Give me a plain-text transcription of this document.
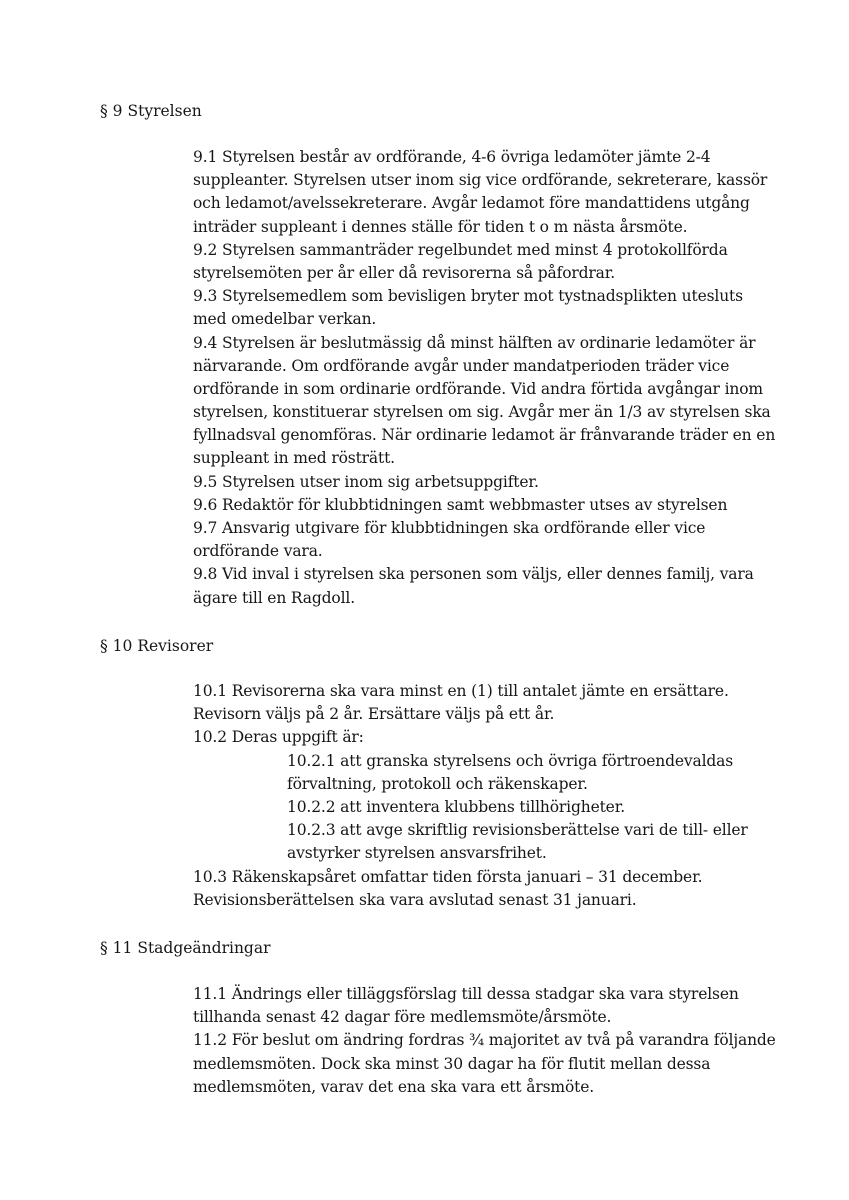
§ 9 Styrelsen
9.1 Styrelsen består av ordförande, 4-6 övriga ledamöter jämte 2-4
suppleanter. Styrelsen utser inom sig vice ordförande, sekreterare, kassör
och ledamot/avelssekreterare. Avgår ledamot före mandattidens utgång
inträder suppleant i dennes ställe för tiden t o m nästa årsmöte.
9.2 Styrelsen sammanträder regelbundet med minst 4 protokollförda
styrelsemöten per år eller då revisorerna så påfordrar.
9.3 Styrelsemedlem som bevisligen bryter mot tystnadsplikten utesluts
med omedelbar verkan.
9.4 Styrelsen är beslutmässig då minst hälften av ordinarie ledamöter är
närvarande. Om ordförande avgår under mandatperioden träder vice
ordförande in som ordinarie ordförande. Vid andra förtida avgångar inom
styrelsen, konstituerar styrelsen om sig. Avgår mer än 1/3 av styrelsen ska
fyllnadsval genomföras. När ordinarie ledamot är frånvarande träder en en
suppleant in med rösträtt.
9.5 Styrelsen utser inom sig arbetsuppgifter.
9.6 Redaktör för klubbtidningen samt webbmaster utses av styrelsen
9.7 Ansvarig utgivare för klubbtidningen ska ordförande eller vice
ordförande vara.
9.8 Vid inval i styrelsen ska personen som väljs, eller dennes familj, vara
ägare till en Ragdoll.
§ 10 Revisorer
10.1 Revisorerna ska vara minst en (1) till antalet jämte en ersättare.
Revisorn väljs på 2 år. Ersättare väljs på ett år.
10.2 Deras uppgift är:
10.2.1 att granska styrelsens och övriga förtroendevaldas
förvaltning, protokoll och räkenskaper.
10.2.2 att inventera klubbens tillhörigheter.
10.2.3 att avge skriftlig revisionsberättelse vari de till- eller
avstyrker styrelsen ansvarsfrihet.
10.3 Räkenskapsåret omfattar tiden första januari – 31 december.
Revisionsberättelsen ska vara avslutad senast 31 januari.
§ 11 Stadgeändringar
11.1 Ändrings eller tilläggsförslag till dessa stadgar ska vara styrelsen
tillhanda senast 42 dagar före medlemsmöte/årsmöte.
11.2 För beslut om ändring fordras ¾ majoritet av två på varandra följande
medlemsmöten. Dock ska minst 30 dagar ha för flutit mellan dessa
medlemsmöten, varav det ena ska vara ett årsmöte.
